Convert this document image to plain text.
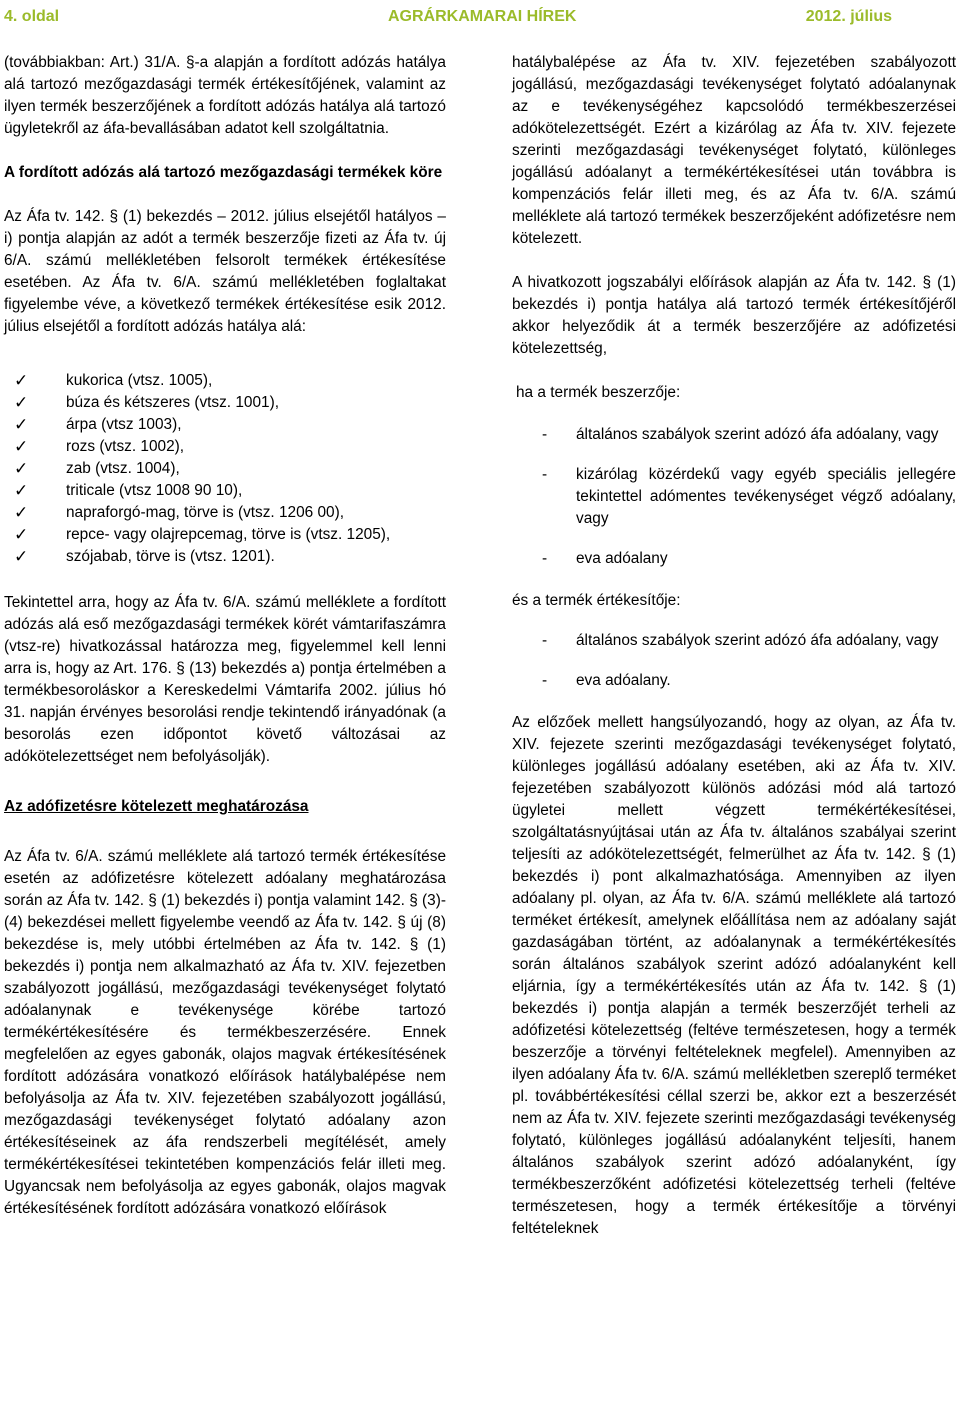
4. oldal	AGRÁRKAMARAI HÍREK	2012. július

(továbbiakban: Art.) 31/A. §-a alapján a fordított adózás hatálya alá tartozó mezőgazdasági termék értékesítőjének, valamint az ilyen termék beszerzőjének a fordított adózás hatálya alá tartozó ügyletekről az áfa-bevallásában adatot kell szolgáltatnia.

A fordított adózás alá tartozó mezőgazdasági termékek köre

Az Áfa tv. 142. § (1) bekezdés – 2012. július elsejétől hatályos – i) pontja alapján az adót a termék beszerzője fizeti az Áfa tv. új 6/A. számú mellékletében felsorolt termékek értékesítése esetében. Az Áfa tv. 6/A. számú mellékletében foglaltakat figyelembe véve, a következő termékek értékesítése esik 2012. július elsejétől a fordított adózás hatálya alá:

✓ kukorica (vtsz. 1005),
✓ búza és kétszeres (vtsz. 1001),
✓ árpa (vtsz 1003),
✓ rozs (vtsz. 1002),
✓ zab (vtsz. 1004),
✓ triticale (vtsz 1008 90 10),
✓ napraforgó-mag, törve is (vtsz. 1206 00),
✓ repce- vagy olajrepcemag, törve is (vtsz. 1205),
✓ szójabab, törve is (vtsz. 1201).

Tekintettel arra, hogy az Áfa tv. 6/A. számú melléklete a fordított adózás alá eső mezőgazdasági termékek körét vámtarifaszámra (vtsz-re) hivatkozással határozza meg, figyelemmel kell lenni arra is, hogy az Art. 176. § (13) bekezdés a) pontja értelmében a termékbesoroláskor a Kereskedelmi Vámtarifa 2002. július hó 31. napján érvényes besorolási rendje tekintendő irányadónak (a besorolás ezen időpontot követő változásai az adókötelezettséget nem befolyásolják).

Az adófizetésre kötelezett meghatározása

Az Áfa tv. 6/A. számú melléklete alá tartozó termék értékesítése esetén az adófizetésre kötelezett adóalany meghatározása során az Áfa tv. 142. § (1) bekezdés i) pontja valamint 142. § (3)-(4) bekezdései mellett figyelembe veendő az Áfa tv. 142. § új (8) bekezdése is, mely utóbbi értelmében az Áfa tv. 142. § (1) bekezdés i) pontja nem alkalmazható az Áfa tv. XIV. fejezetben szabályozott jogállású, mezőgazdasági tevékenységet folytató adóalanynak e tevékenysége körébe tartozó termékértékesítésére és termékbeszerzésére. Ennek megfelelően az egyes gabonák, olajos magvak értékesítésének fordított adózására vonatkozó előírások hatálybalépése nem befolyásolja az Áfa tv. XIV. fejezetében szabályozott jogállású, mezőgazdasági tevékenységet folytató adóalany azon értékesítéseinek az áfa rendszerbeli megítélését, amely termékértékesítései tekintetében kompenzációs felár illeti meg. Ugyancsak nem befolyásolja az egyes gabonák, olajos magvak értékesítésének fordított adózására vonatkozó előírások

hatálybalépése az Áfa tv. XIV. fejezetében szabályozott jogállású, mezőgazdasági tevékenységet folytató adóalanynak az e tevékenységéhez kapcsolódó termékbeszerzései adókötelezettségét. Ezért a kizárólag az Áfa tv. XIV. fejezete szerinti mezőgazdasági tevékenységet folytató, különleges jogállású adóalanyt a termékértékesítései után továbbra is kompenzációs felár illeti meg, és az Áfa tv. 6/A. számú melléklete alá tartozó termékek beszerzőjeként adófizetésre nem kötelezett.

A hivatkozott jogszabályi előírások alapján az Áfa tv. 142. § (1) bekezdés i) pontja hatálya alá tartozó termék értékesítőjéről akkor helyeződik át a termék beszerzőjére az adófizetési kötelezettség,

ha a termék beszerzője:

- általános szabályok szerint adózó áfa adóalany, vagy
- kizárólag közérdekű vagy egyéb speciális jellegére tekintettel adómentes tevékenységet végző adóalany, vagy
- eva adóalany

és a termék értékesítője:

- általános szabályok szerint adózó áfa adóalany, vagy
- eva adóalany.

Az előzőek mellett hangsúlyozandó, hogy az olyan, az Áfa tv. XIV. fejezete szerinti mezőgazdasági tevékenységet folytató, különleges jogállású adóalany esetében, aki az Áfa tv. XIV. fejezetében szabályozott különös adózási mód alá tartozó ügyletei mellett végzett termékértékesítései, szolgáltatásnyújtásai után az Áfa tv. általános szabályai szerint teljesíti az adókötelezettségét, felmerülhet az Áfa tv. 142. § (1) bekezdés i) pont alkalmazhatósága. Amennyiben az ilyen adóalany pl. olyan, az Áfa tv. 6/A. számú melléklete alá tartozó terméket értékesít, amelynek előállítása nem az adóalany saját gazdaságában történt, az adóalanynak a termékértékesítés során általános szabályok szerint adózó adóalanyként kell eljárnia, így a termékértékesítés után az Áfa tv. 142. § (1) bekezdés i) pontja alapján a termék beszerzőjét terheli az adófizetési kötelezettség (feltéve természetesen, hogy a termék beszerzője a törvényi feltételeknek megfelel). Amennyiben az ilyen adóalany Áfa tv. 6/A. számú mellékletben szereplő terméket pl. továbbértékesítési céllal szerzi be, akkor ezt a beszerzését nem az Áfa tv. XIV. fejezete szerinti mezőgazdasági tevékenység folytató, különleges jogállású adóalanyként teljesíti, hanem általános szabályok szerint adózó adóalanyként, így termékbeszerzőként adófizetési kötelezettség terheli (feltéve természetesen, hogy a termék értékesítője a törvényi feltételeknek
